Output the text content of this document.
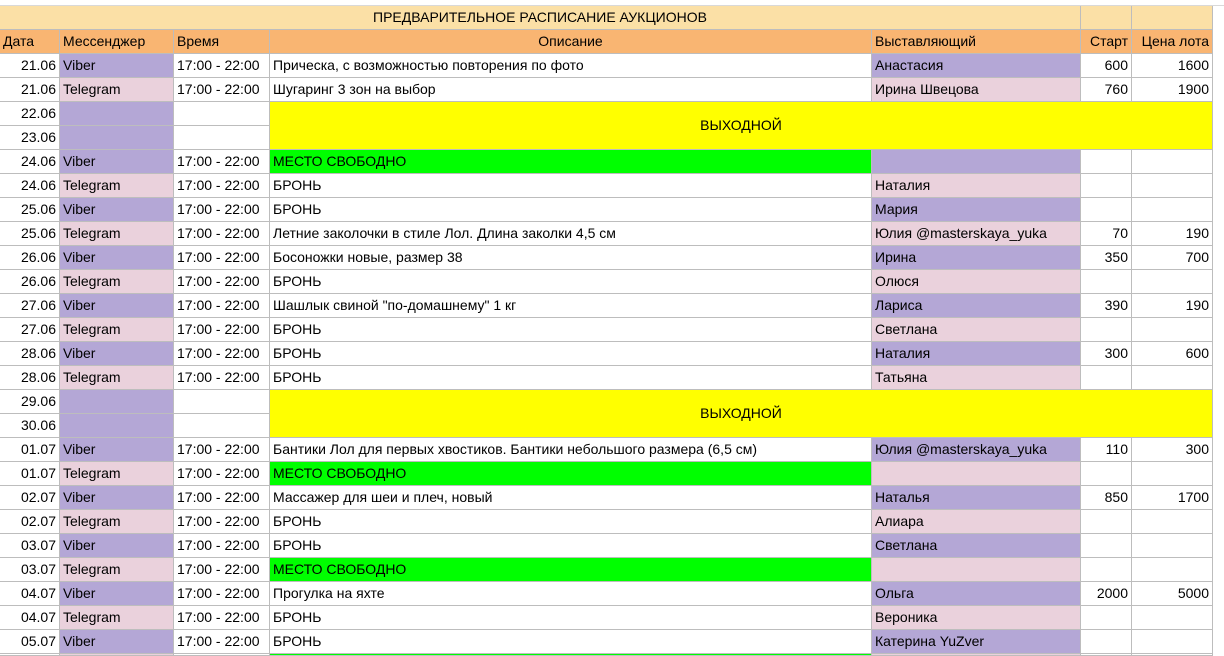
ПРЕДВАРИТЕЛЬНОЕ РАСПИСАНИЕ АУКЦИОНОВ
Дата	Мессенджер	Время	Описание	Выставляющий	Старт Цена лота
21.06 Viber	17:00 - 22:00 Прическа, с возможностью повторения по фото	Анастасия	600	1600
21.06 Telegram	17:00 - 22:00 Шугаринг 3 зон на выбор	Ирина Швецова	760	1900
22.06
ВЫХОДНОЙ
23.06
24.06 Viber	17:00 - 22:00 МЕСТО СВОБОДНО
24.06 Telegram	17:00 - 22:00 БРОНЬ	Наталия
25.06 Viber	17:00 - 22:00 БРОНЬ	Мария
25.06 Telegram	17:00 - 22:00 Летние заколочки в стиле Лол. Длина заколки 4,5 см	Юлия @masterskaya_yuka	70	190
26.06 Viber	17:00 - 22:00 Босоножки новые, размер 38	Ирина	350	700
26.06 Telegram	17:00 - 22:00 БРОНЬ	Олюся
27.06 Viber	17:00 - 22:00 Шашлык свиной "по-домашнему" 1 кг	Лариса	390	190
27.06 Telegram	17:00 - 22:00 БРОНЬ	Светлана
28.06 Viber	17:00 - 22:00 БРОНЬ	Наталия	300	600
28.06 Telegram	17:00 - 22:00 БРОНЬ	Татьяна
29.06
ВЫХОДНОЙ
30.06
01.07 Viber	17:00 - 22:00 Бантики Лол для первых хвостиков. Бантики небольшого размера (6,5 см)	Юлия @masterskaya_yuka	110	300
01.07 Telegram	17:00 - 22:00 МЕСТО СВОБОДНО
02.07 Viber	17:00 - 22:00 Массажер для шеи и плеч, новый	Наталья	850	1700
02.07 Telegram	17:00 - 22:00 БРОНЬ	Алиара
03.07 Viber	17:00 - 22:00 БРОНЬ	Светлана
03.07 Telegram	17:00 - 22:00 МЕСТО СВОБОДНО
04.07 Viber	17:00 - 22:00 Прогулка на яхте	Ольга	2000	5000
04.07 Telegram	17:00 - 22:00 БРОНЬ	Вероника
05.07 Viber	17:00 - 22:00 БРОНЬ	Катерина YuZver
